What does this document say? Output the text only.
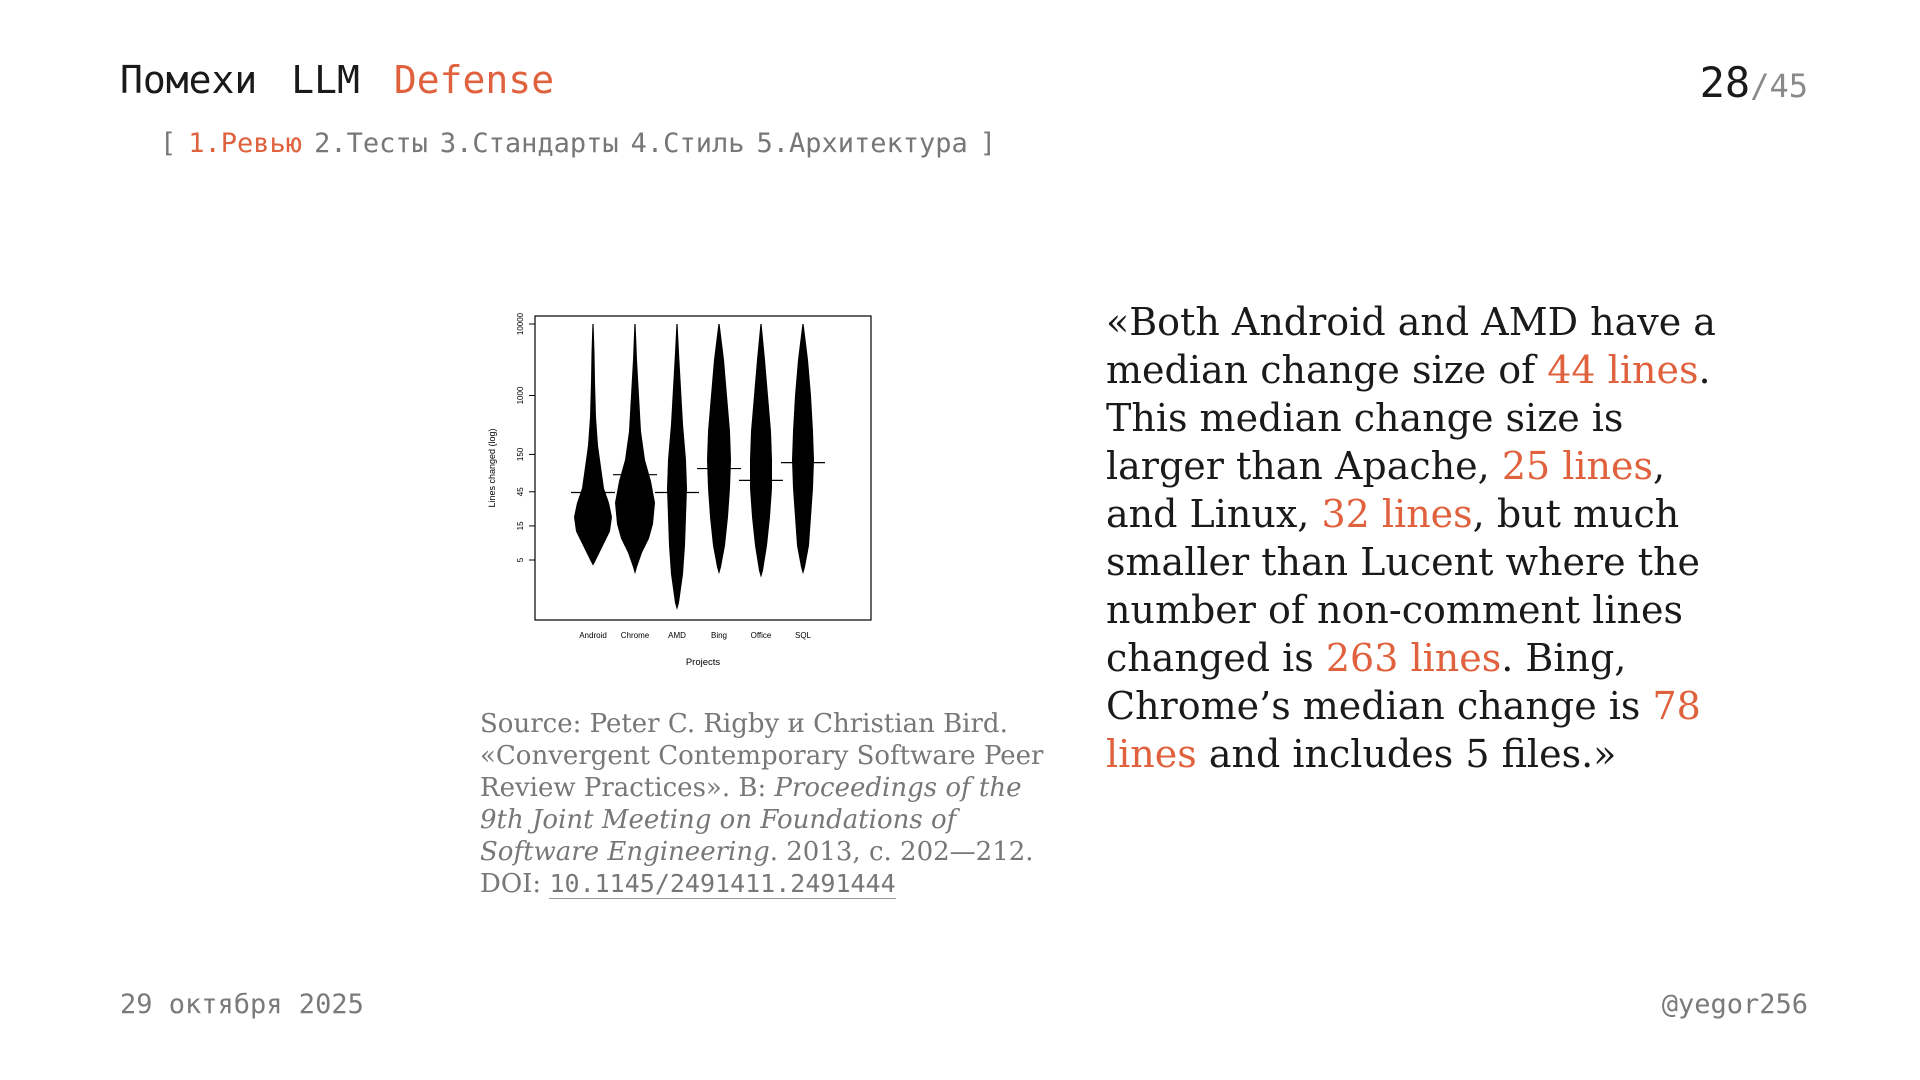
Помехи LLM Defense	28/45
[ 1.Ревью 2.Тесты 3.Стандарты 4.Стиль 5.Архитектура ]
5
15
45
150
1000
10000
Android Chrome AMD	Bing	Office	SQL
Lines changed (log)
Projects
Source: Peter C. Rigby и Christian Bird. «Convergent Contemporary Software Peer Review Practices». В: Proceedings of the 9th Joint Meeting on Foundations of Software Engineering. 2013, c. 202—212. DOI: 10.1145/2491411.2491444
«Both Android and AMD have a median change size of 44 lines. This median change size is larger than Apache, 25 lines, and Linux, 32 lines, but much smaller than Lucent where the number of non-comment lines changed is 263 lines. Bing, Chrome’s median change is 78 lines and includes 5 files.»
29 октября 2025	@yegor256
